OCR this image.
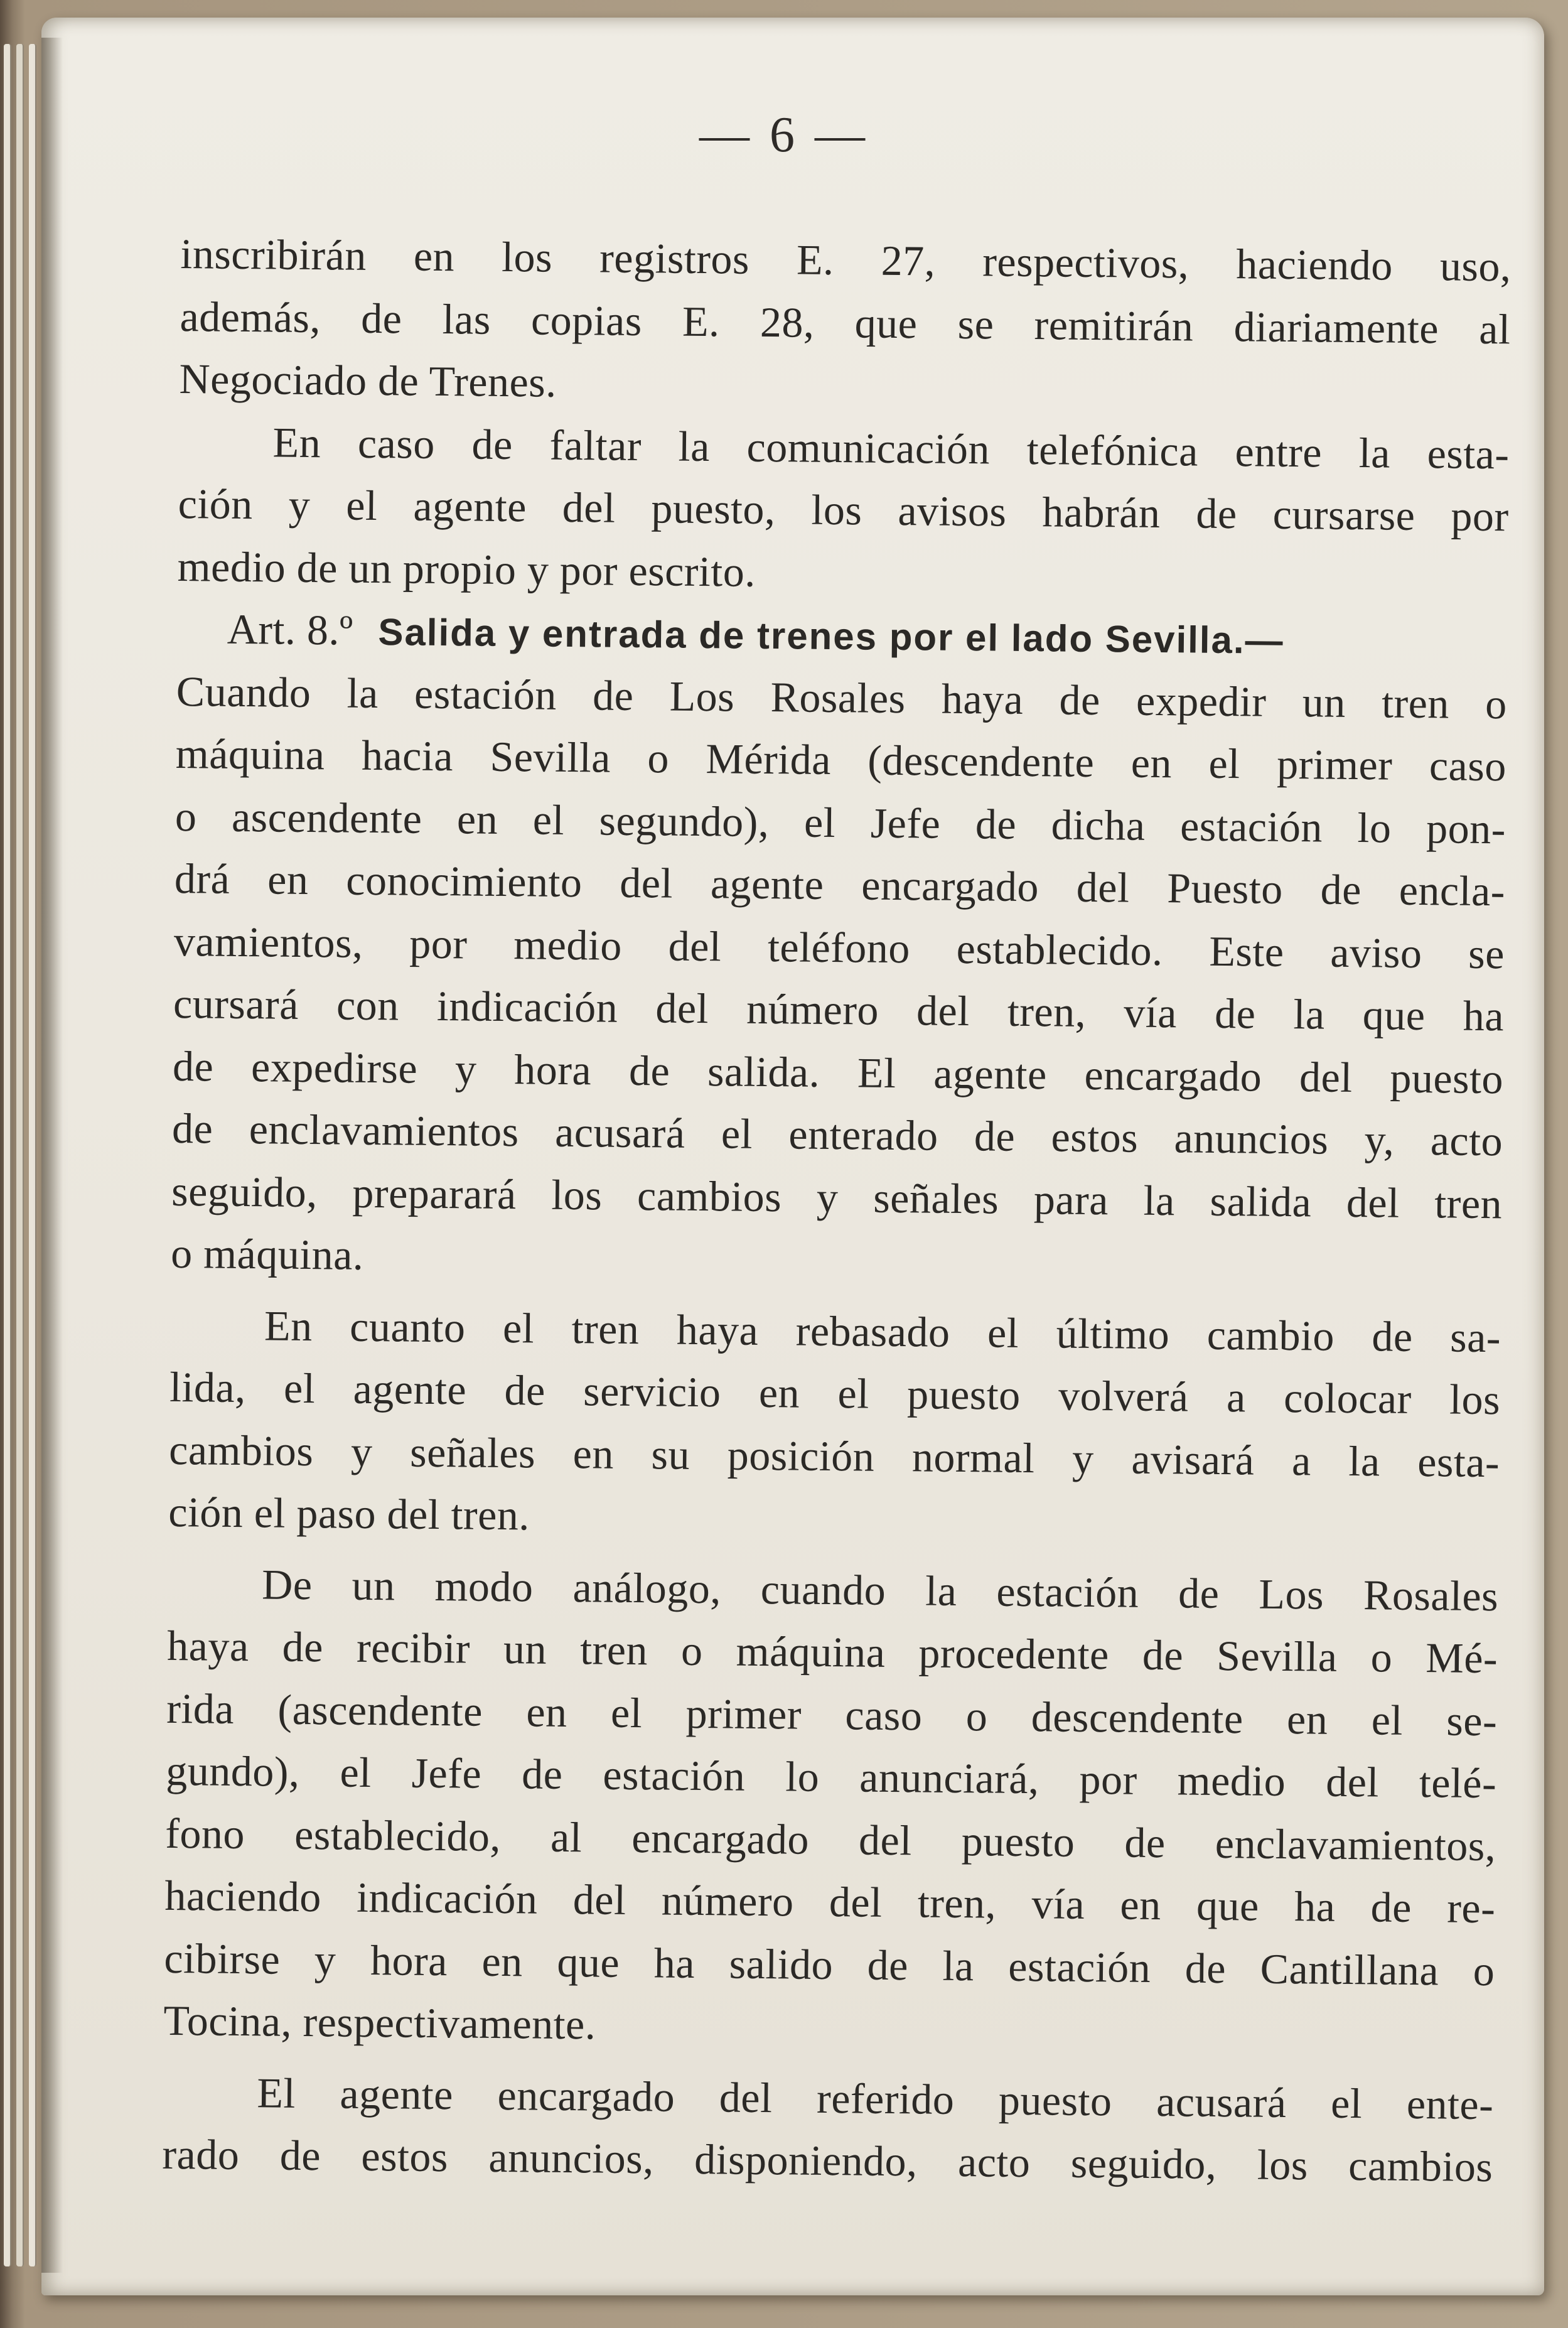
— 6 —
inscribirán en los registros E. 27, respectivos, haciendo uso,
además, de las copias E. 28, que se remitirán diariamente al
Negociado de Trenes.
En caso de faltar la comunicación telefónica entre la esta-
ción y el agente del puesto, los avisos habrán de cursarse por
medio de un propio y por escrito.
Art. 8.º Salida y entrada de trenes por el lado Sevilla.—
Cuando la estación de Los Rosales haya de expedir un tren o
máquina hacia Sevilla o Mérida (descendente en el primer caso
o ascendente en el segundo), el Jefe de dicha estación lo pon-
drá en conocimiento del agente encargado del Puesto de encla-
vamientos, por medio del teléfono establecido. Este aviso se
cursará con indicación del número del tren, vía de la que ha
de expedirse y hora de salida. El agente encargado del puesto
de enclavamientos acusará el enterado de estos anuncios y, acto
seguido, preparará los cambios y señales para la salida del tren
o máquina.
En cuanto el tren haya rebasado el último cambio de sa-
lida, el agente de servicio en el puesto volverá a colocar los
cambios y señales en su posición normal y avisará a la esta-
ción el paso del tren.
De un modo análogo, cuando la estación de Los Rosales
haya de recibir un tren o máquina procedente de Sevilla o Mé-
rida (ascendente en el primer caso o descendente en el se-
gundo), el Jefe de estación lo anunciará, por medio del telé-
fono establecido, al encargado del puesto de enclavamientos,
haciendo indicación del número del tren, vía en que ha de re-
cibirse y hora en que ha salido de la estación de Cantillana o
Tocina, respectivamente.
El agente encargado del referido puesto acusará el ente-
rado de estos anuncios, disponiendo, acto seguido, los cambios
